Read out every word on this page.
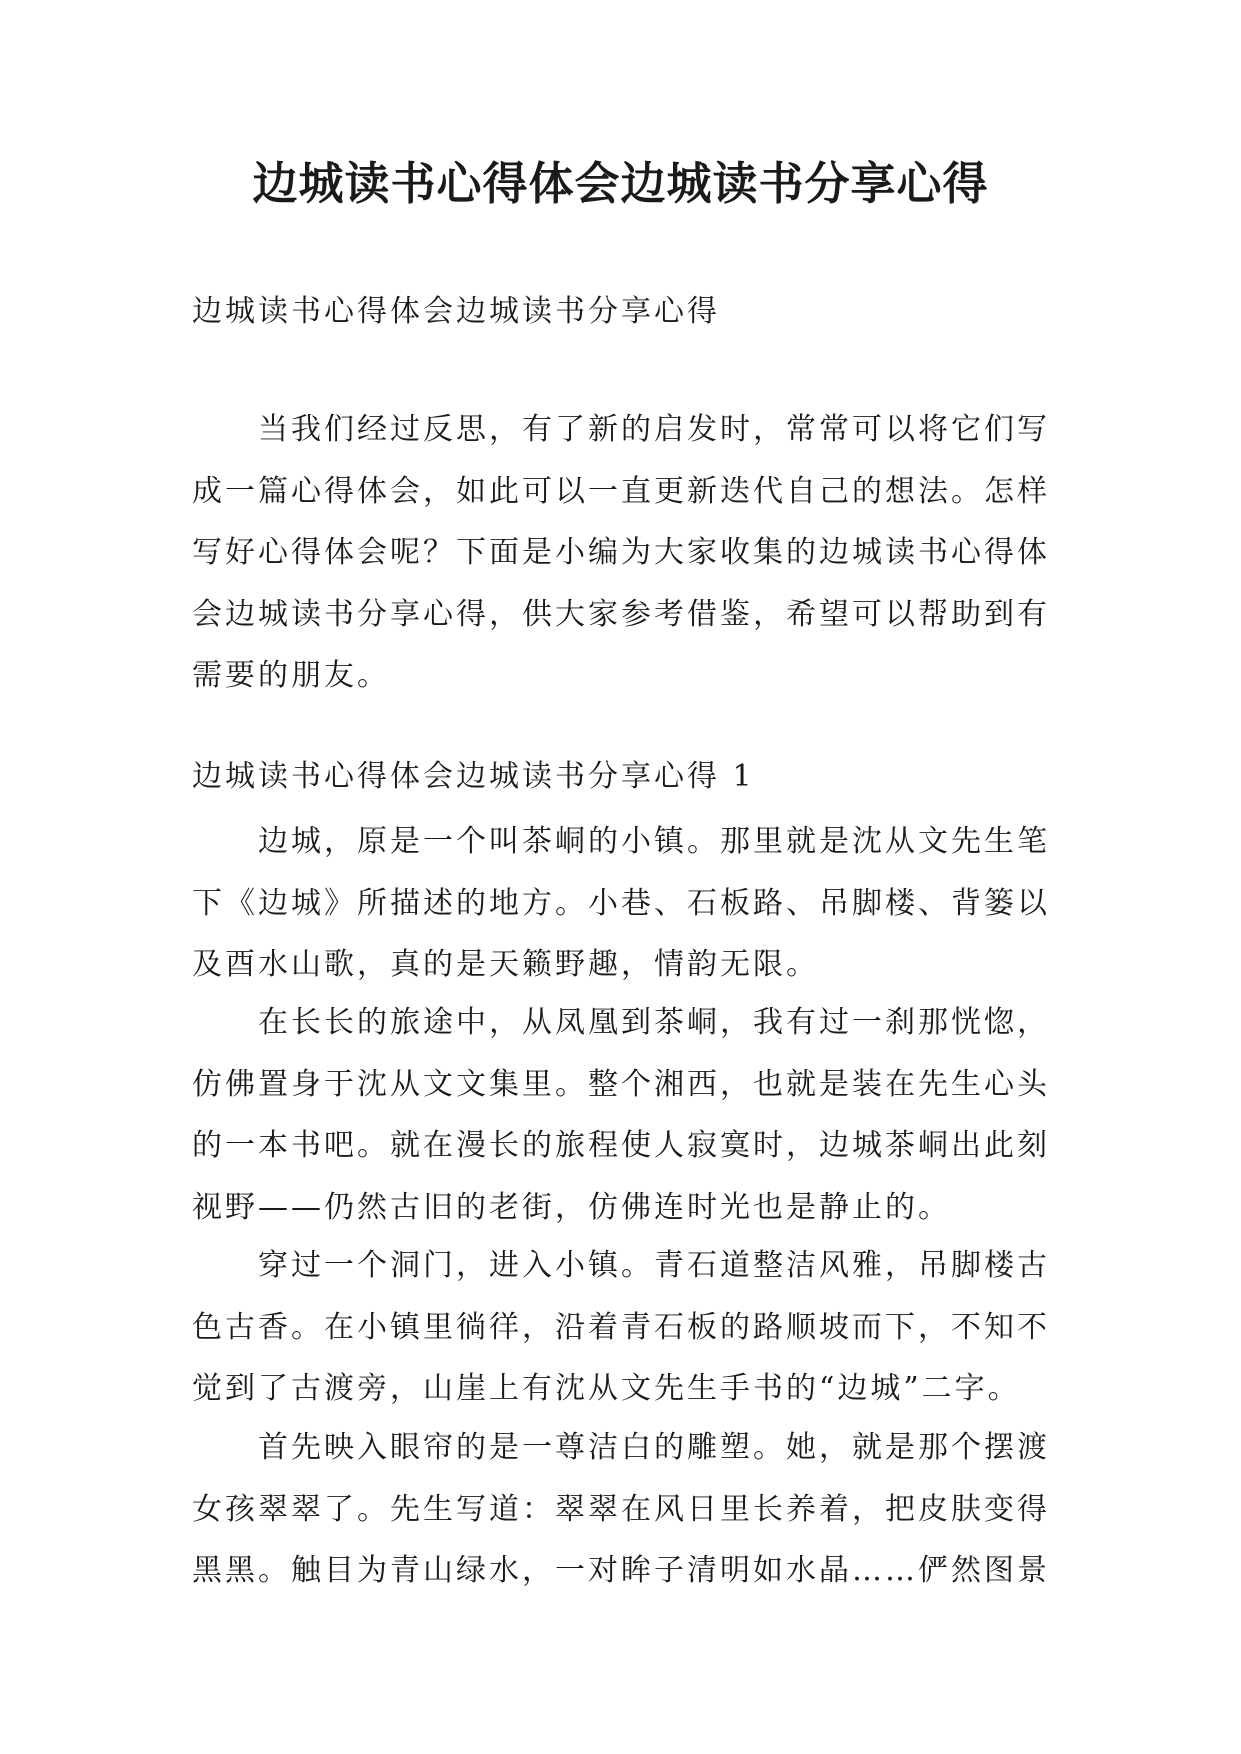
边城读书心得体会边城读书分享心得

边城读书心得体会边城读书分享心得

当我们经过反思，有了新的启发时，常常可以将它们写成一篇心得体会，如此可以一直更新迭代自己的想法。怎样写好心得体会呢？下面是小编为大家收集的边城读书心得体会边城读书分享心得，供大家参考借鉴，希望可以帮助到有需要的朋友。

边城读书心得体会边城读书分享心得 1

边城，原是一个叫茶峒的小镇。那里就是沈从文先生笔下《边城》所描述的地方。小巷、石板路、吊脚楼、背篓以及酉水山歌，真的是天籁野趣，情韵无限。

在长长的旅途中，从凤凰到茶峒，我有过一刹那恍惚，仿佛置身于沈从文文集里。整个湘西，也就是装在先生心头的一本书吧。就在漫长的旅程使人寂寞时，边城茶峒出此刻视野——仍然古旧的老街，仿佛连时光也是静止的。

穿过一个洞门，进入小镇。青石道整洁风雅，吊脚楼古色古香。在小镇里徜徉，沿着青石板的路顺坡而下，不知不觉到了古渡旁，山崖上有沈从文先生手书的“边城”二字。

首先映入眼帘的是一尊洁白的雕塑。她，就是那个摆渡女孩翠翠了。先生写道：翠翠在风日里长养着，把皮肤变得黑黑。触目为青山绿水，一对眸子清明如水晶……俨然图景
